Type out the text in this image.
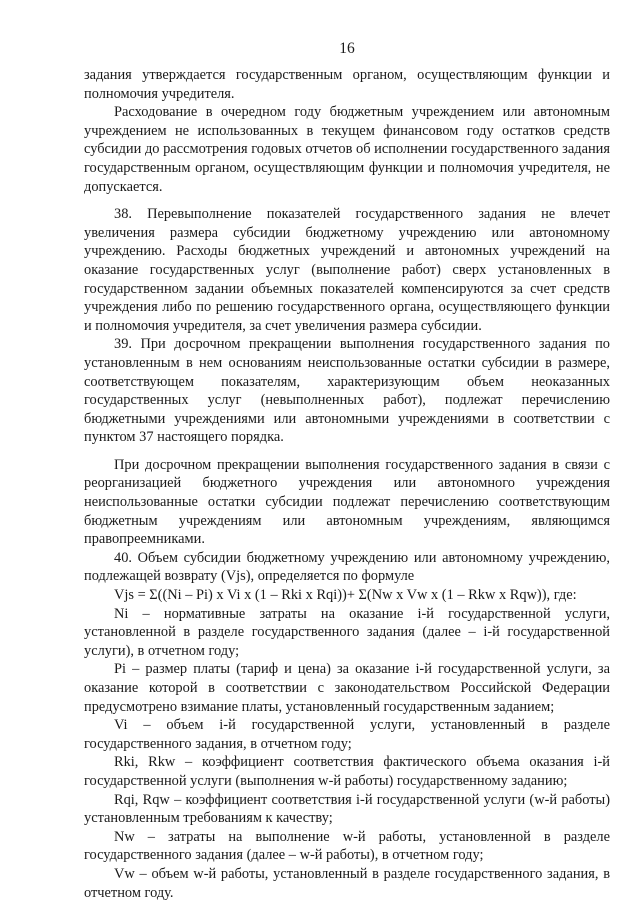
16

задания утверждается государственным органом, осуществляющим функции и полномочия учредителя.

Расходование в очередном году бюджетным учреждением или автономным учреждением не использованных в текущем финансовом году остатков средств субсидии до рассмотрения годовых отчетов об исполнении государственного задания государственным органом, осуществляющим функции и полномочия учредителя, не допускается.

38. Перевыполнение показателей государственного задания не влечет увеличения размера субсидии бюджетному учреждению или автономному учреждению. Расходы бюджетных учреждений и автономных учреждений на оказание государственных услуг (выполнение работ) сверх установленных в государственном задании объемных показателей компенсируются за счет средств учреждения либо по решению государственного органа, осуществляющего функции и полномочия учредителя, за счет увеличения размера субсидии.

39. При досрочном прекращении выполнения государственного задания по установленным в нем основаниям неиспользованные остатки субсидии в размере, соответствующем показателям, характеризующим объем неоказанных государственных услуг (невыполненных работ), подлежат перечислению бюджетными учреждениями или автономными учреждениями в соответствии с пунктом 37 настоящего порядка.

При досрочном прекращении выполнения государственного задания в связи с реорганизацией бюджетного учреждения или автономного учреждения неиспользованные остатки субсидии подлежат перечислению соответствующим бюджетным учреждениям или автономным учреждениям, являющимся правопреемниками.

40. Объем субсидии бюджетному учреждению или автономному учреждению, подлежащей возврату (Vjs), определяется по формуле

Vjs = Σ((Ni – Pi) x Vi x (1 – Rki x Rqi))+ Σ(Nw x Vw x (1 – Rkw x Rqw)), где:

Ni – нормативные затраты на оказание i-й государственной услуги, установленной в разделе государственного задания (далее – i-й государственной услуги), в отчетном году;

Pi – размер платы (тариф и цена) за оказание i-й государственной услуги, за оказание которой в соответствии с законодательством Российской Федерации предусмотрено взимание платы, установленный государственным заданием;

Vi – объем i-й государственной услуги, установленный в разделе государственного задания, в отчетном году;

Rki, Rkw – коэффициент соответствия фактического объема оказания i-й государственной услуги (выполнения w-й работы) государственному заданию;

Rqi, Rqw – коэффициент соответствия i-й государственной услуги (w-й работы) установленным требованиям к качеству;

Nw – затраты на выполнение w-й работы, установленной в разделе государственного задания (далее – w-й работы), в отчетном году;

Vw – объем w-й работы, установленный в разделе государственного задания, в отчетном году.
